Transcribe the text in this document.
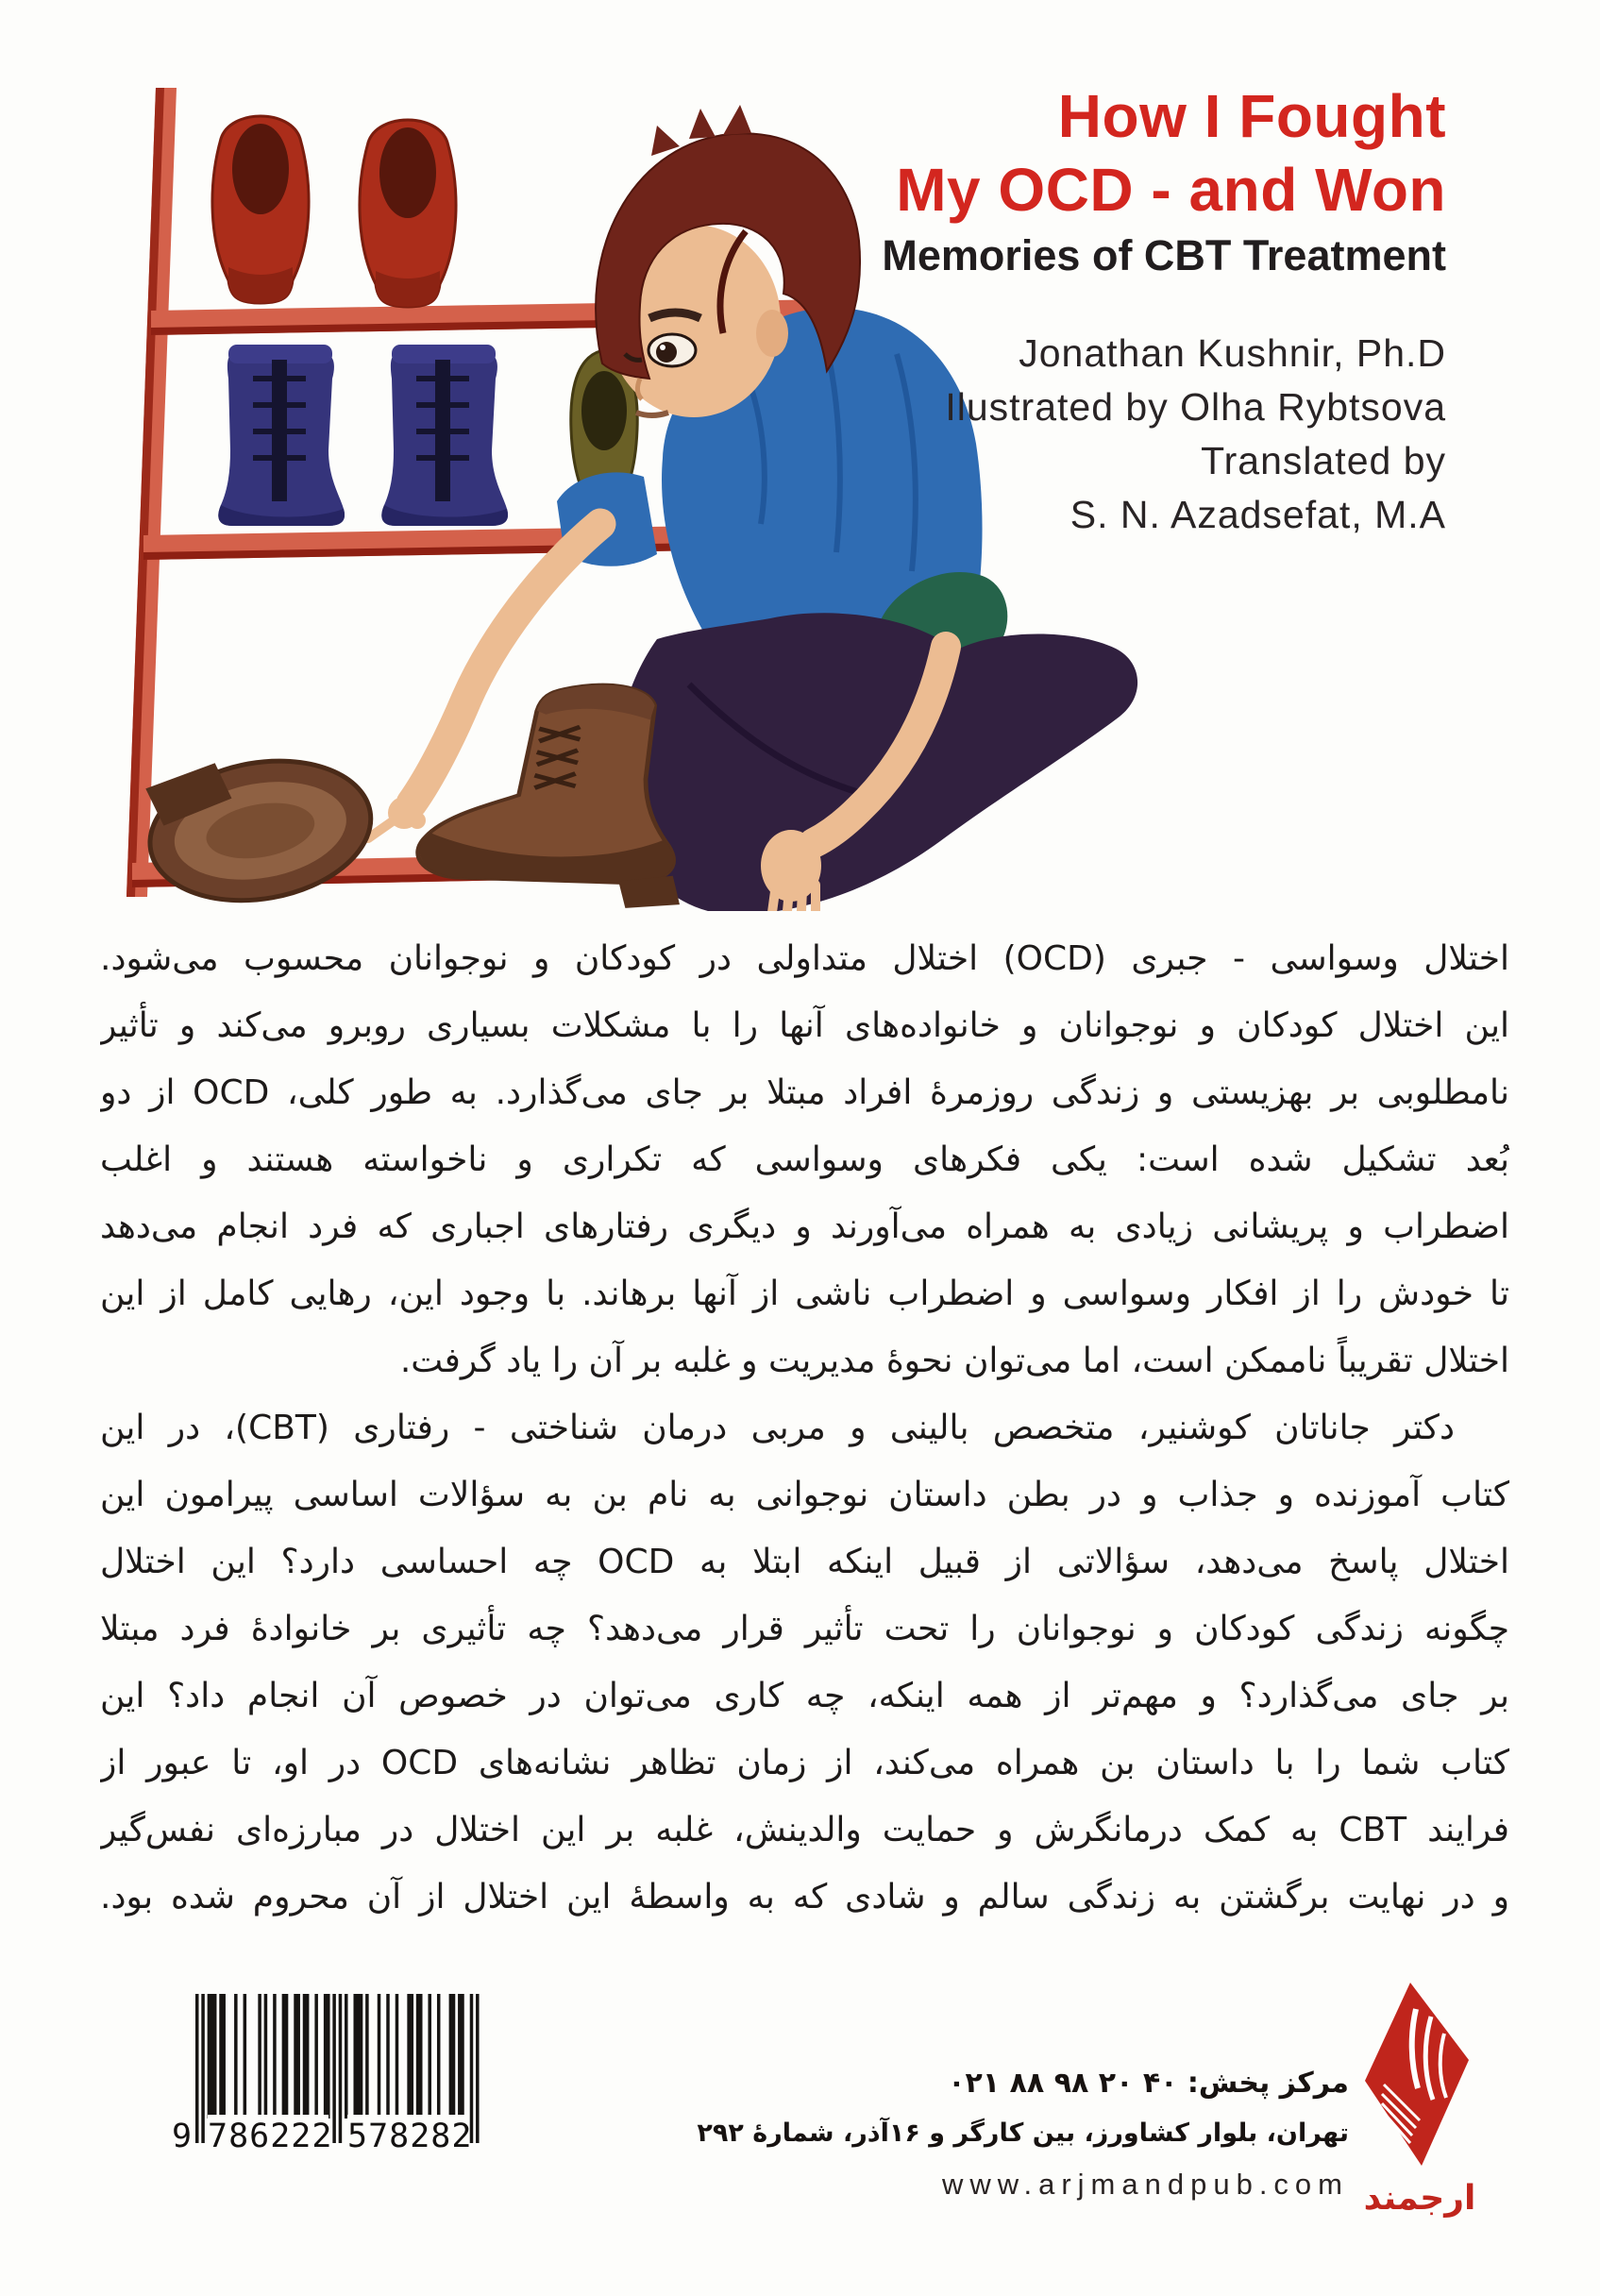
How I Fought
My OCD - and Won
Memories of CBT Treatment
Jonathan Kushnir, Ph.D
Ilustrated by Olha Rybtsova
Translated by
S. N. Azadsefat, M.A
اختلال وسواسی - جبری (OCD) اختلال متداولی در کودکان و نوجوانان محسوب می‌شود.
این اختلال کودکان و نوجوانان و خانواده‌های آنها را با مشکلات بسیاری روبرو می‌کند و تأثیر
نامطلوبی بر بهزیستی و زندگی روزمرهٔ افراد مبتلا بر جای می‌گذارد. به طور کلی، OCD از دو
بُعد تشکیل شده است: یکی فکرهای وسواسی که تکراری و ناخواسته هستند و اغلب
اضطراب و پریشانی زیادی به همراه می‌آورند و دیگری رفتارهای اجباری که فرد انجام می‌دهد
تا خودش را از افکار وسواسی و اضطراب ناشی از آنها برهاند. با وجود این، رهایی کامل از این
اختلال تقریباً ناممکن است، اما می‌توان نحوهٔ مدیریت و غلبه بر آن را یاد گرفت.
دکتر جاناتان کوشنیر، متخصص بالینی و مربی درمان شناختی - رفتاری (CBT)، در این
کتاب آموزنده و جذاب و در بطن داستان نوجوانی به نام بن به سؤالات اساسی پیرامون این
اختلال پاسخ می‌دهد، سؤالاتی از قبیل اینکه ابتلا به OCD چه احساسی دارد؟ این اختلال
چگونه زندگی کودکان و نوجوانان را تحت تأثیر قرار می‌دهد؟ چه تأثیری بر خانوادهٔ فرد مبتلا
بر جای می‌گذارد؟ و مهم‌تر از همه اینکه، چه کاری می‌توان در خصوص آن انجام داد؟ این
کتاب شما را با داستان بن همراه می‌کند، از زمان تظاهر نشانه‌های OCD در او، تا عبور از
فرایند CBT به کمک درمانگرش و حمایت والدینش، غلبه بر این اختلال در مبارزه‌ای نفس‌گیر
و در نهایت برگشتن به زندگی سالم و شادی که به واسطهٔ این اختلال از آن محروم شده بود.
9 786222 578282
مرکز پخش: ۴۰ ۲۰ ۹۸ ۸۸ ۰۲۱
تهران، بلوار کشاورز، بین کارگر و ۱۶آذر، شمارهٔ ۲۹۲
www.arjmandpub.com ارجمند
